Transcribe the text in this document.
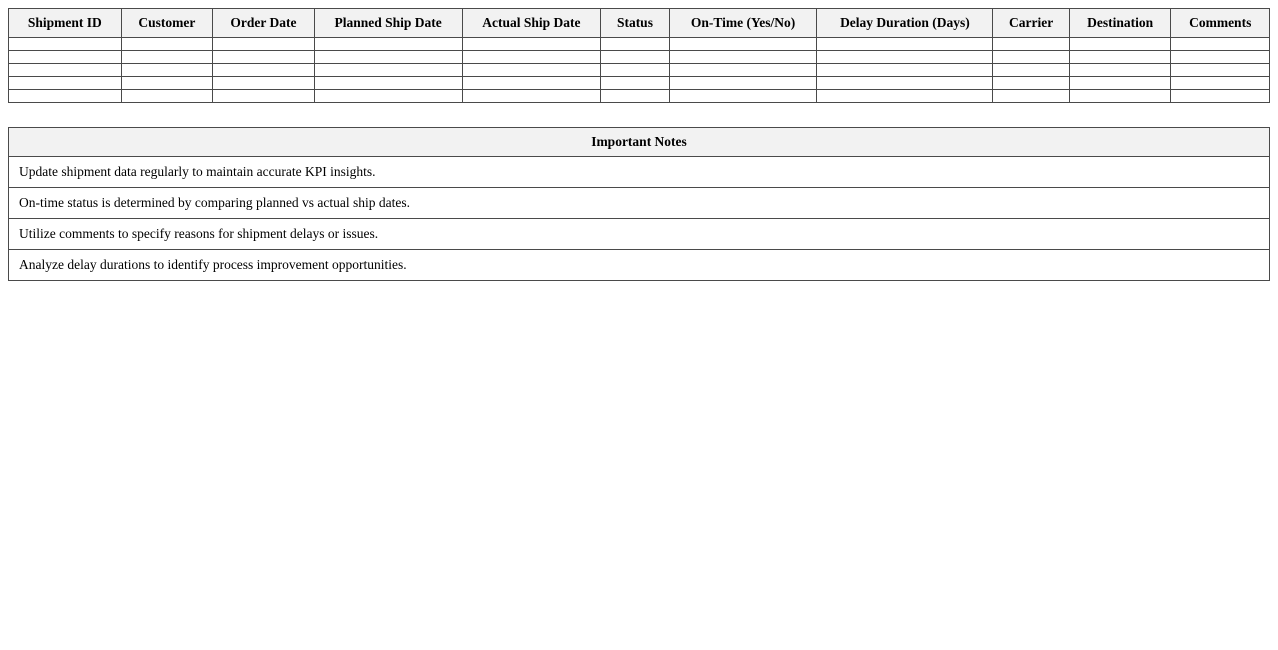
Shipment ID	Customer	Order Date	Planned Ship Date	Actual Ship Date	Status	On-Time (Yes/No)	Delay Duration (Days)	Carrier	Destination	Comments

Important Notes
Update shipment data regularly to maintain accurate KPI insights.
On-time status is determined by comparing planned vs actual ship dates.
Utilize comments to specify reasons for shipment delays or issues.
Analyze delay durations to identify process improvement opportunities.
